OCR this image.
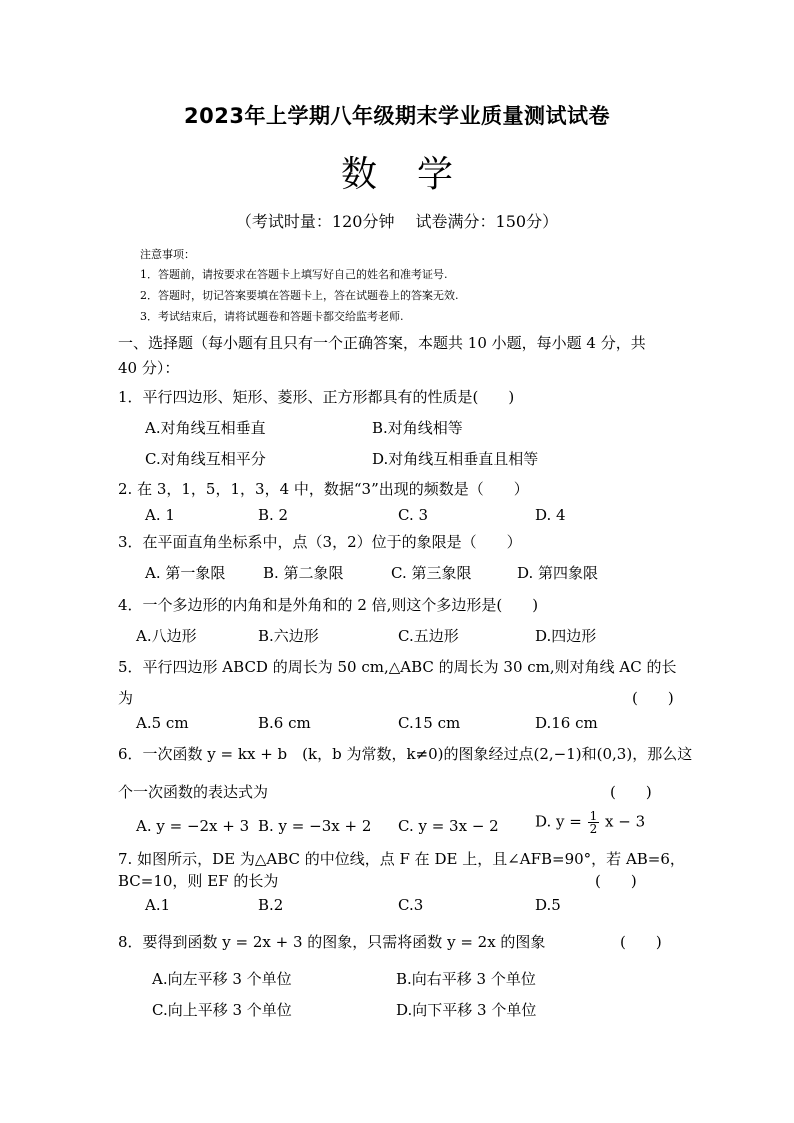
2023年上学期八年级期末学业质量测试试卷
数学
（考试时量：120分钟　 试卷满分：150分）
注意事项：
1．答题前，请按要求在答题卡上填写好自己的姓名和准考证号.
2．答题时，切记答案要填在答题卡上，答在试题卷上的答案无效.
3．考试结束后，请将试题卷和答题卡都交给监考老师.
一、选择题（每小题有且只有一个正确答案，本题共 10 小题，每小题 4 分，共
40 分）：
1．平行四边形、矩形、菱形、正方形都具有的性质是(　　)
A.对角线互相垂直	B.对角线相等
C.对角线互相平分	D.对角线互相垂直且相等
2. 在 3，1，5，1，3，4 中，数据“3”出现的频数是（　　）
A. 1	B. 2	C. 3	D. 4
3．在平面直角坐标系中，点（3，2）位于的象限是（　　）
A. 第一象限	B. 第二象限	C. 第三象限	D. 第四象限
4．一个多边形的内角和是外角和的 2 倍,则这个多边形是(　　)
A.八边形	B.六边形	C.五边形	D.四边形
5．平行四边形 ABCD 的周长为 50 cm,△ABC 的周长为 30 cm,则对角线 AC 的长
为	(　　)
A.5 cm	B.6 cm	C.15 cm	D.16 cm
6．一次函数 y = kx + b　(k，b 为常数，k≠0)的图象经过点(2,−1)和(0,3)，那么这
个一次函数的表达式为	(　　)
A. y = −2x + 3 B. y = −3x + 2 C. y = 3x − 2 D. $y = \frac{1}{2}$ x − 3
7. 如图所示，DE 为△ABC 的中位线，点 F 在 DE 上，且∠AFB=90°，若 AB=6，
BC=10，则 EF 的长为	(　　)
A.1	B.2	C.3	D.5
8．要得到函数 y = 2x + 3 的图象，只需将函数 y = 2x 的图象	(　　)
A.向左平移 3 个单位	B.向右平移 3 个单位
C.向上平移 3 个单位	D.向下平移 3 个单位
